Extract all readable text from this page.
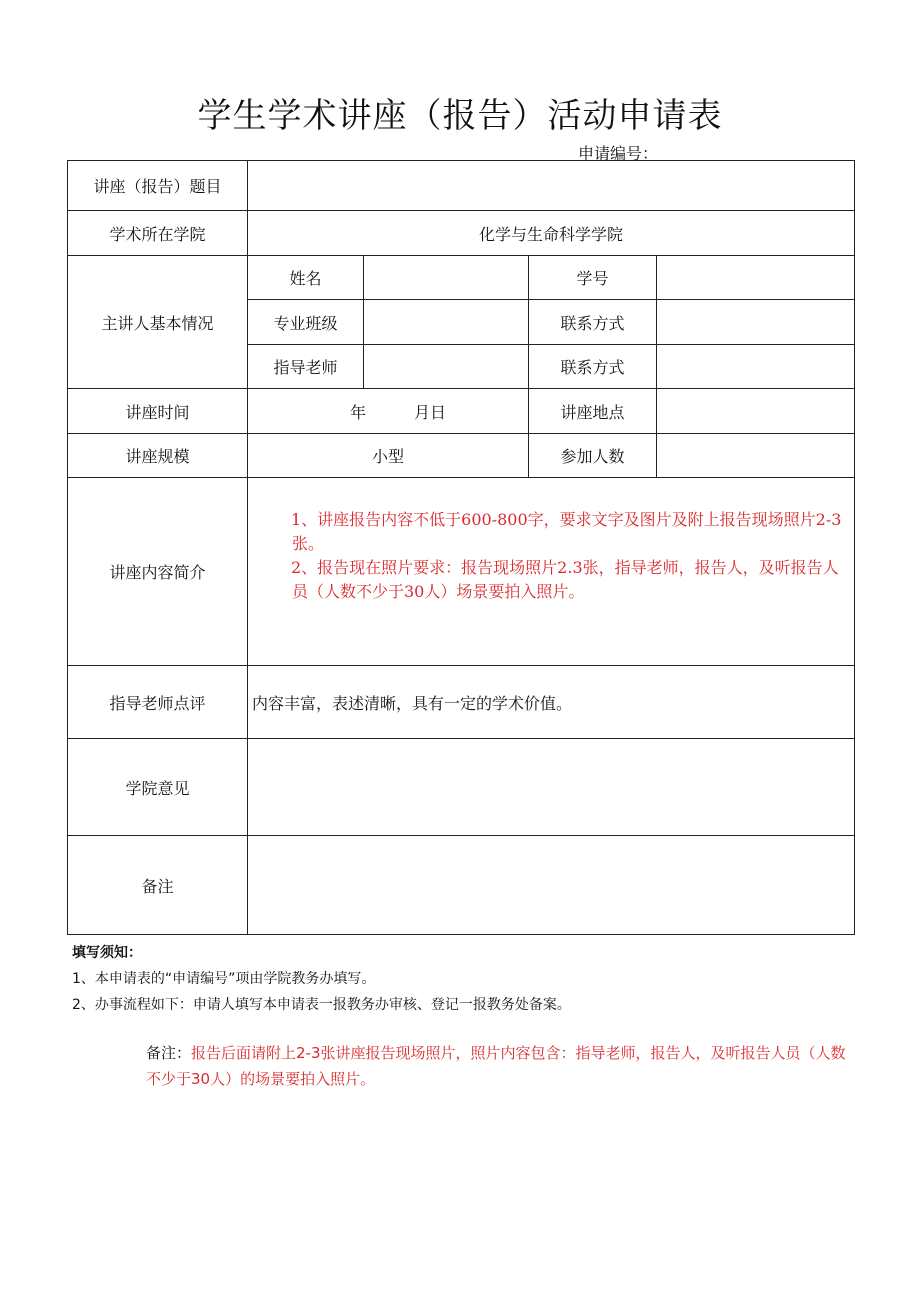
学生学术讲座（报告）活动申请表
申请编号：
讲座（报告）题目				
学术所在学院	化学与生命科学学院			
主讲人基本情况	姓名		学号	
	专业班级		联系方式	
	指导老师		联系方式	
讲座时间	年　　　月日		讲座地点	
讲座规模	小型		参加人数	
讲座内容简介	1、讲座报告内容不低于600-800字，要求文字及图片及附上报告现场照片2-3张。

2、报告现在照片要求：报告现场照片2.3张，指导老师，报告人，及听报告人员（人数不少于30人）场景要拍入照片。			

指导老师点评	内容丰富，表述清晰，具有一定的学术价值。			
学院意见				
备注				
填写须知：
1、本申请表的“申请编号”项由学院教务办填写。
2、办事流程如下：申请人填写本申请表一报教务办审核、登记一报教务处备案。
备注：报告后面请附上2-3张讲座报告现场照片，照片内容包含：指导老师，报告人，及听报告人员（人数不少于30人）的场景要拍入照片。
